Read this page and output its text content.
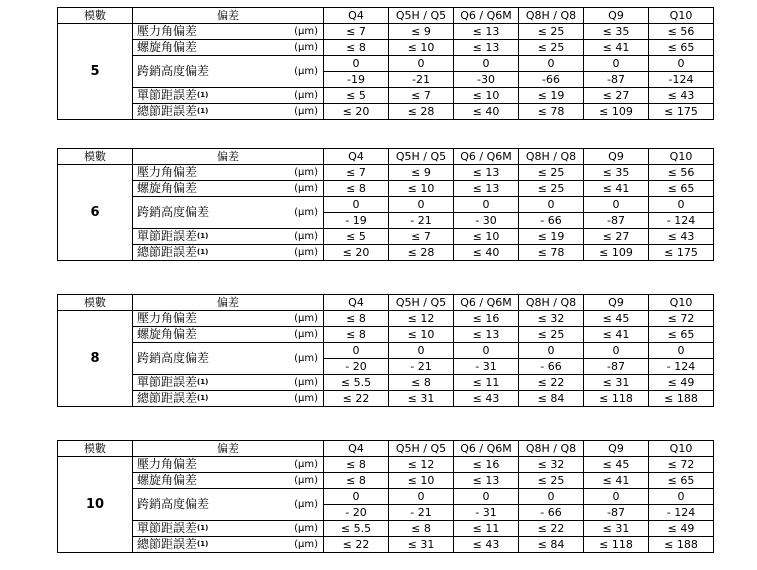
模數	偏差		Q4	Q5H / Q5	Q6 / Q6M	Q8H / Q8	Q9	Q10
5	壓力角偏差	(μm)	≤ 7	≤ 9	≤ 13	≤ 25	≤ 35	≤ 56
	螺旋角偏差	(μm)	≤ 8	≤ 10	≤ 13	≤ 25	≤ 41	≤ 65
	跨銷高度偏差	(μm)	0	0	0	0	0	0
			-19	-21	-30	-66	-87	-124
	單節距誤差$^{(1)}$	(μm)	≤ 5	≤ 7	≤ 10	≤ 19	≤ 27	≤ 43
	總節距誤差$^{(1)}$	(μm)	≤ 20	≤ 28	≤ 40	≤ 78	≤ 109	≤ 175
模數	偏差		Q4	Q5H / Q5	Q6 / Q6M	Q8H / Q8	Q9	Q10
6	壓力角偏差	(μm)	≤ 7	≤ 9	≤ 13	≤ 25	≤ 35	≤ 56
	螺旋角偏差	(μm)	≤ 8	≤ 10	≤ 13	≤ 25	≤ 41	≤ 65
	跨銷高度偏差	(μm)	0	0	0	0	0	0
			- 19	- 21	- 30	- 66	-87	- 124
	單節距誤差$^{(1)}$	(μm)	≤ 5	≤ 7	≤ 10	≤ 19	≤ 27	≤ 43
	總節距誤差$^{(1)}$	(μm)	≤ 20	≤ 28	≤ 40	≤ 78	≤ 109	≤ 175
模數	偏差		Q4	Q5H / Q5	Q6 / Q6M	Q8H / Q8	Q9	Q10
8	壓力角偏差	(μm)	≤ 8	≤ 12	≤ 16	≤ 32	≤ 45	≤ 72
	螺旋角偏差	(μm)	≤ 8	≤ 10	≤ 13	≤ 25	≤ 41	≤ 65
	跨銷高度偏差	(μm)	0	0	0	0	0	0
			- 20	- 21	- 31	- 66	-87	- 124
	單節距誤差$^{(1)}$	(μm)	≤ 5.5	≤ 8	≤ 11	≤ 22	≤ 31	≤ 49
	總節距誤差$^{(1)}$	(μm)	≤ 22	≤ 31	≤ 43	≤ 84	≤ 118	≤ 188
模數	偏差		Q4	Q5H / Q5	Q6 / Q6M	Q8H / Q8	Q9	Q10
10	壓力角偏差	(μm)	≤ 8	≤ 12	≤ 16	≤ 32	≤ 45	≤ 72
	螺旋角偏差	(μm)	≤ 8	≤ 10	≤ 13	≤ 25	≤ 41	≤ 65
	跨銷高度偏差	(μm)	0	0	0	0	0	0
			- 20	- 21	- 31	- 66	-87	- 124
	單節距誤差$^{(1)}$	(μm)	≤ 5.5	≤ 8	≤ 11	≤ 22	≤ 31	≤ 49
	總節距誤差$^{(1)}$	(μm)	≤ 22	≤ 31	≤ 43	≤ 84	≤ 118	≤ 188
